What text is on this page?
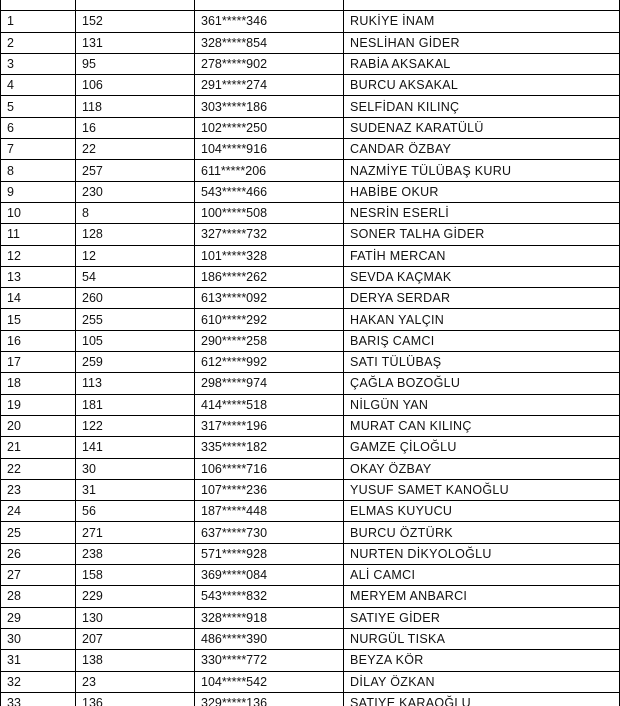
1	152	361*****346	RUKİYE İNAM
2	131	328*****854	NESLİHAN GİDER
3	95	278*****902	RABİA AKSAKAL
4	106	291*****274	BURCU AKSAKAL
5	118	303*****186	SELFİDAN KILINÇ
6	16	102*****250	SUDENAZ KARATÜLÜ
7	22	104*****916	CANDAR ÖZBAY
8	257	611*****206	NAZMİYE TÜLÜBAŞ KURU
9	230	543*****466	HABİBE OKUR
10	8	100*****508	NESRİN ESERLİ
11	128	327*****732	SONER TALHA GİDER
12	12	101*****328	FATİH MERCAN
13	54	186*****262	SEVDA KAÇMAK
14	260	613*****092	DERYA SERDAR
15	255	610*****292	HAKAN YALÇIN
16	105	290*****258	BARIŞ CAMCI
17	259	612*****992	SATI TÜLÜBAŞ
18	113	298*****974	ÇAĞLA BOZOĞLU
19	181	414*****518	NİLGÜN YAN
20	122	317*****196	MURAT CAN KILINÇ
21	141	335*****182	GAMZE ÇİLOĞLU
22	30	106*****716	OKAY ÖZBAY
23	31	107*****236	YUSUF SAMET KANOĞLU
24	56	187*****448	ELMAS KUYUCU
25	271	637*****730	BURCU ÖZTÜRK
26	238	571*****928	NURTEN DİKYOLOĞLU
27	158	369*****084	ALİ CAMCI
28	229	543*****832	MERYEM ANBARCI
29	130	328*****918	SATIYE GİDER
30	207	486*****390	NURGÜL TISKA
31	138	330*****772	BEYZA KÖR
32	23	104*****542	DİLAY ÖZKAN
33	136	329*****136	SATIYE KARAOĞLU
